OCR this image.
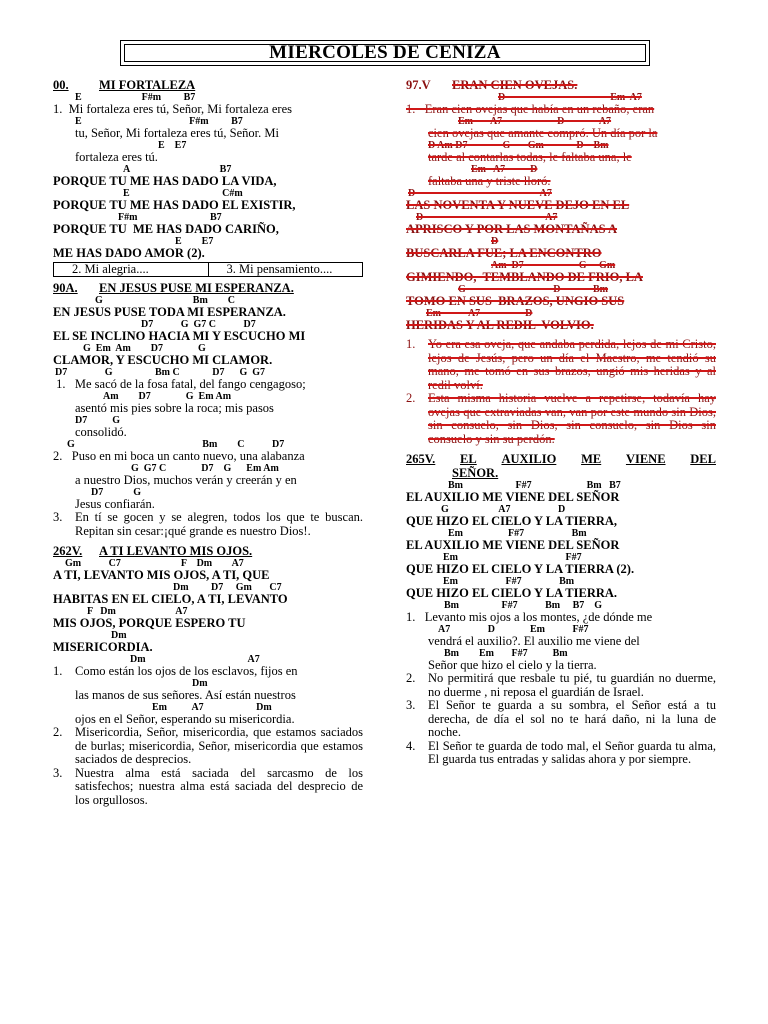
MIERCOLES DE CENIZA
00. MI FORTALEZA
E                        F#m         B7
1.  Mi fortaleza eres tú, Señor, Mi fortaleza eres
E                                           F#m         B7
tu, Señor, Mi fortaleza eres tú, Señor. Mi
E    E7
fortaleza eres tú.
A                                    B7
PORQUE TU ME HAS DADO LA VIDA,
E                                     C#m
PORQUE TU ME HAS DADO EL EXISTIR,
F#m                             B7
PORQUE TU  ME HAS DADO CARIÑO,
E        E7
ME HAS DADO AMOR (2).
2. Mi alegria....	3. Mi pensamiento....
90A. EN JESUS PUSE MI ESPERANZA.
G                                    Bm        C
EN JESUS PUSE TODA MI ESPERANZA.
D7           G  G7 C           D7
EL SE INCLINO HACIA MI Y ESCUCHO MI
G  Em  Am        D7              G
CLAMOR, Y ESCUCHO MI CLAMOR.
D7               G                 Bm C             D7      G  G7
1.   Me sacó de la fosa fatal, del fango cengagoso;
Am        D7              G  Em Am
asentó mis pies sobre la roca; mis pasos
D7          G
consolidó.
G                                                   Bm        C           D7
2.   Puso en mi boca un canto nuevo, una alabanza
G  G7 C              D7    G      Em Am
a nuestro Dios, muchos verán y creerán y en
D7            G
Jesus confiarán.
3. En tí se gocen y se alegren, todos los que te buscan. Repitan sin cesar:¡qué grande es nuestro Dios!.
262V. A TI LEVANTO MIS OJOS.
Gm           C7                        F    Dm        A7
A TI, LEVANTO MIS OJOS, A TI, QUE
Dm         D7     Gm       C7
HABITAS EN EL CIELO, A TI, LEVANTO
F   Dm                        A7
MIS OJOS, PORQUE ESPERO TU
Dm
MISERICORDIA.
Dm                                         A7
1. Como están los ojos de los esclavos, fijos en
Dm
las manos de sus señores. Así están nuestros
Em          A7                     Dm
ojos en el Señor, esperando su misericordia.
2. Misericordia, Señor, misericordia, que estamos saciados de burlas; misericordia, Señor, misericordia que estamos saciados de desprecios.
3. Nuestra alma está saciada del sarcasmo de los satisfechos; nuestra alma está saciada del desprecio de los orgullosos.
97.V ERAN CIEN OVEJAS.
D                                          Em  A7
1.   Eran cien ovejas que había en un rebaño, eran
Em       A7                      D              A7
cien ovejas que amante compró. Un día por la
D Am D7              G       Gm             D    Bm
tarde al contarlas todas, le faltaba una, le
Em   A7          D
faltaba una y triste lloró.
D                                                  A7
LAS NOVENTA Y NUEVE DEJO EN EL
D                                                 A7
APRISCO Y POR LAS MONTAÑAS A
D
BUSCARLA FUE; LA ENCONTRO
Am  D7                      G     Gm
GIMIENDO,  TEMBLANDO DE FRIO, LA
G                                   D             Bm
TOMO EN SUS  BRAZOS, UNGIO SUS
Em           A7                  D
HERIDAS Y AL REDIL  VOLVIO.
1. Yo era esa oveja, que andaba perdida, lejos de mi Cristo, lejos de Jesús, pero un día el Maestro, me tendió su mano, me tomó en sus brazos, ungió mis heridas y al redil volví.
2. Esta misma historia vuelve a repetirse, todavía hay ovejas que extraviadas van, van por este mundo sin Dios, sin consuelo, sin Dios, sin consuelo, sin Dios sin consuelo y sin su perdón.
265V. EL AUXILIO ME VIENE DEL
SEÑOR.
Bm                     F#7                      Bm   B7
EL AUXILIO ME VIENE DEL SEÑOR
G                    A7                   D
QUE HIZO EL CIELO Y LA TIERRA,
Em                  F#7                   Bm
EL AUXILIO ME VIENE DEL SEÑOR
Em                                           F#7
QUE HIZO EL CIELO Y LA TIERRA (2).
Em                   F#7               Bm
QUE HIZO EL CIELO Y LA TIERRA.
Bm                 F#7           Bm     B7    G
1.   Levanto mis ojos a los montes, ¿de dónde me
A7               D              Em           F#7
vendrá el auxilio?. El auxilio me viene del
Bm        Em       F#7          Bm
Señor que hizo el cielo y la tierra.
2. No permitirá que resbale tu pié, tu guardián no duerme, no duerme , ni reposa el guardián de Israel.
3. El Señor te guarda a su sombra, el Señor está a tu derecha, de día el sol no te hará daño, ni la luna de noche.
4. El Señor te guarda de todo mal, el Señor guarda tu alma, El guarda tus entradas y salidas ahora y por siempre.
